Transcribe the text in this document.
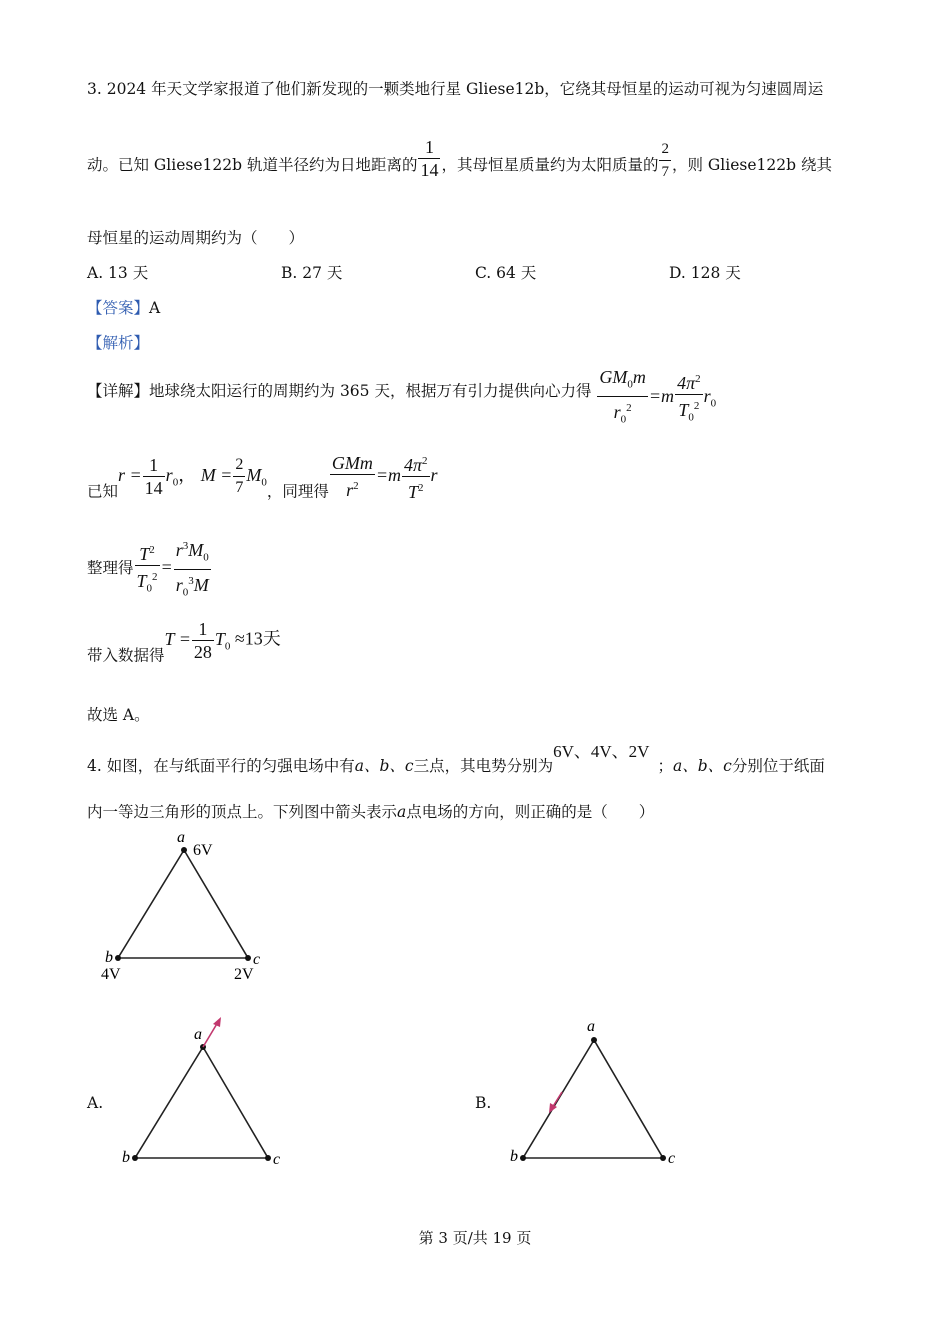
3. 2024 年天文学家报道了他们新发现的一颗类地行星 Gliese12b，它绕其母恒星的运动可视为匀速圆周运
动。已知 Gliese122b 轨道半径约为日地距离的 $\frac{1}{14}$ ，其母恒星质量约为太阳质量的 $\frac{2}{7}$ ，则 Gliese122b 绕其
母恒星的运动周期约为（　　）
A. 13 天	B. 27 天	C. 64 天	D. 128 天
【答案】A
【解析】
【详解】地球绕太阳运行的周期约为 365 天，根据万有引力提供向心力得 $\frac{GM_0m}{r_0^2} =m \frac{4\pi^2}{T_0^2} r_0$
已知$r = \frac{1}{14} r_0$， $M = \frac{2}{7} M_0$，同理得 $\frac{\text{GMm}}{r^2} =m \frac{4\pi^2}{T^2}$ r
整理得 $\frac{T^2}{T_0^2} = \frac{r^3M_0}{r_0^3M}$
带入数据得$T = \frac{1}{28} T_0 \approx 13$天
故选 A。
4. 如图，在与纸面平行的匀强电场中有a、b、c三点，其电势分别为6V、4V、2V；a、b、c分别位于纸面
内一等边三角形的顶点上。下列图中箭头表示a点电场的方向，则正确的是（　　）
a
6V
b
4V
c
2V
a
b	c
a
b	c
A.	B.
第 3 页/共 19 页
